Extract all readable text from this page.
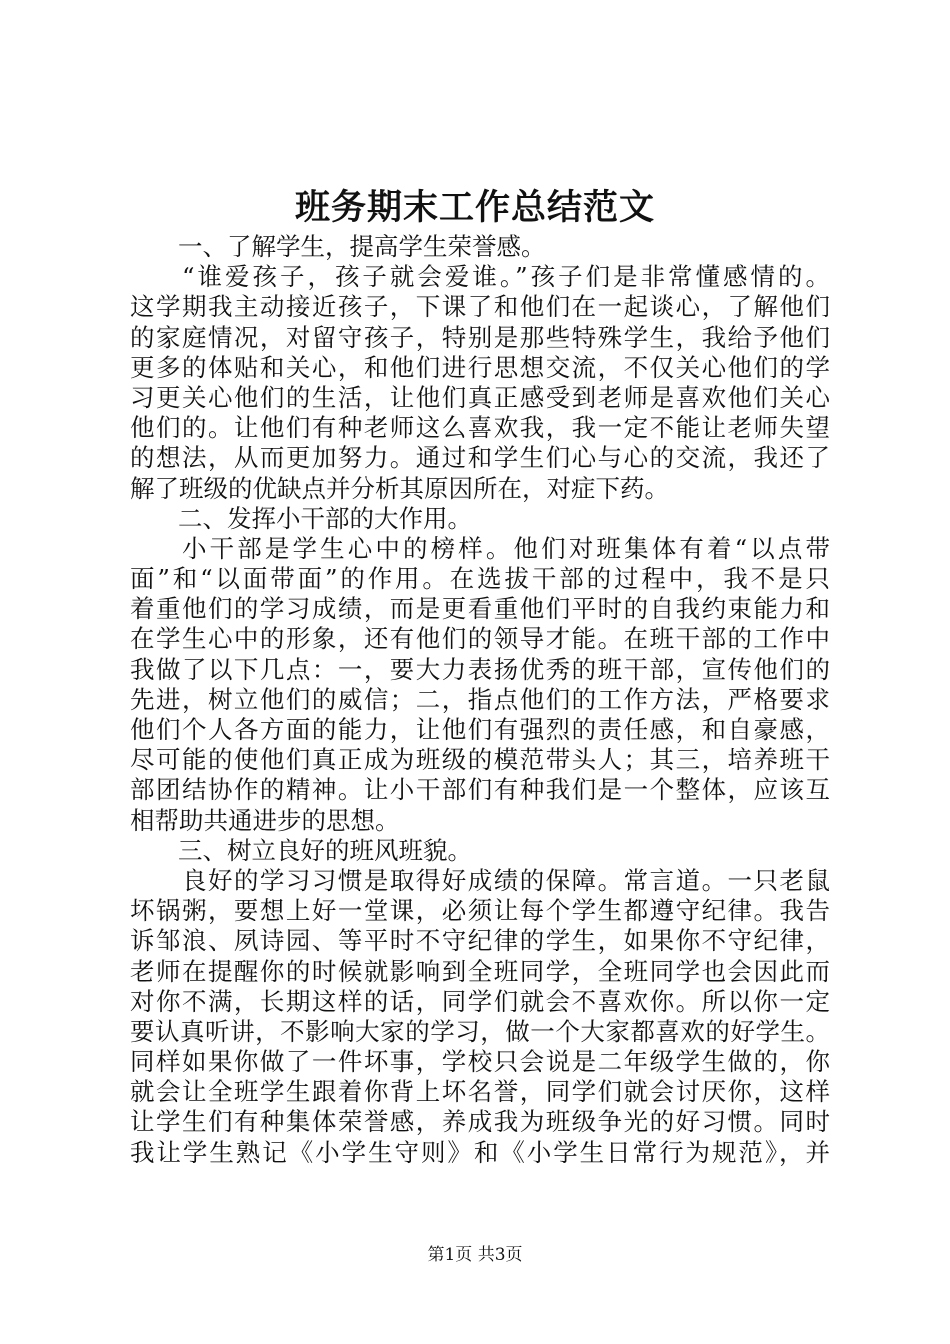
班务期末工作总结范文
一、了解学生，提高学生荣誉感。
“谁爱孩子，孩子就会爱谁。”孩子们是非常懂感情的。
这学期我主动接近孩子，下课了和他们在一起谈心，了解他们
的家庭情况，对留守孩子，特别是那些特殊学生，我给予他们
更多的体贴和关心，和他们进行思想交流，不仅关心他们的学
习更关心他们的生活，让他们真正感受到老师是喜欢他们关心
他们的。让他们有种老师这么喜欢我，我一定不能让老师失望
的想法，从而更加努力。通过和学生们心与心的交流，我还了
解了班级的优缺点并分析其原因所在，对症下药。
二、发挥小干部的大作用。
小干部是学生心中的榜样。他们对班集体有着“以点带
面”和“以面带面”的作用。在选拔干部的过程中，我不是只
着重他们的学习成绩，而是更看重他们平时的自我约束能力和
在学生心中的形象，还有他们的领导才能。在班干部的工作中
我做了以下几点：一，要大力表扬优秀的班干部，宣传他们的
先进，树立他们的威信；二，指点他们的工作方法，严格要求
他们个人各方面的能力，让他们有强烈的责任感，和自豪感，
尽可能的使他们真正成为班级的模范带头人；其三，培养班干
部团结协作的精神。让小干部们有种我们是一个整体，应该互
相帮助共通进步的思想。
三、树立良好的班风班貌。
良好的学习习惯是取得好成绩的保障。常言道。一只老鼠
坏锅粥，要想上好一堂课，必须让每个学生都遵守纪律。我告
诉邹浪、夙诗园、等平时不守纪律的学生，如果你不守纪律，
老师在提醒你的时候就影响到全班同学，全班同学也会因此而
对你不满，长期这样的话，同学们就会不喜欢你。所以你一定
要认真听讲，不影响大家的学习，做一个大家都喜欢的好学生。
同样如果你做了一件坏事，学校只会说是二年级学生做的，你
就会让全班学生跟着你背上坏名誉，同学们就会讨厌你，这样
让学生们有种集体荣誉感，养成我为班级争光的好习惯。同时
我让学生熟记《小学生守则》和《小学生日常行为规范》，并
第1页 共3页
